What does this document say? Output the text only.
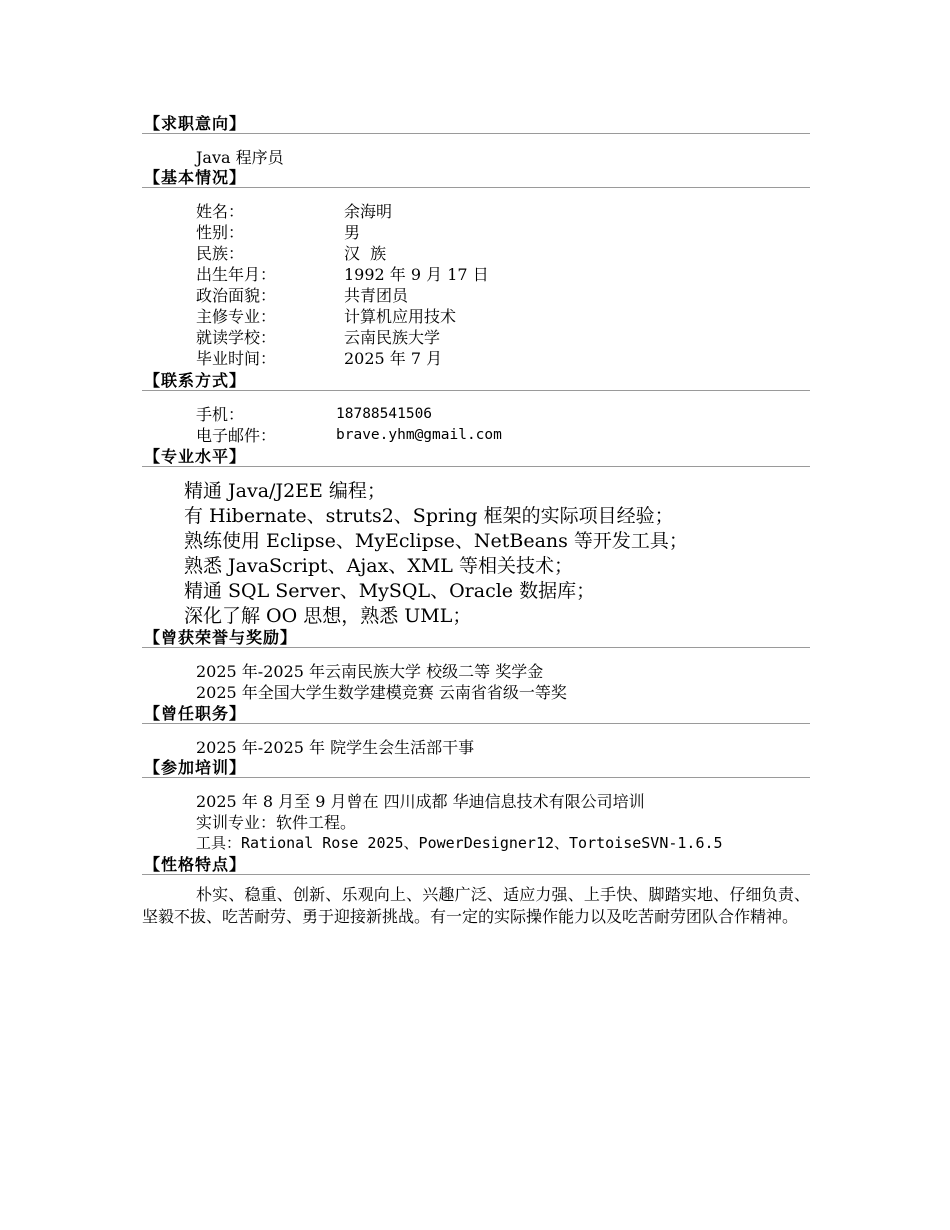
【求职意向】
Java 程序员
【基本情况】
姓名：	余海明
性别：	男
民族：	汉  族
出生年月：	1992 年 9 月 17 日
政治面貌：	共青团员
主修专业：	计算机应用技术
就读学校：	云南民族大学
毕业时间：	2025 年 7 月
【联系方式】
手机：	18788541506
电子邮件：	brave.yhm@gmail.com
【专业水平】
精通 Java/J2EE 编程；
有 Hibernate、struts2、Spring 框架的实际项目经验；
熟练使用 Eclipse、MyEclipse、NetBeans 等开发工具；
熟悉 JavaScript、Ajax、XML 等相关技术；
精通 SQL Server、MySQL、Oracle 数据库；
深化了解 OO 思想，熟悉 UML；
【曾获荣誉与奖励】
2025 年-2025 年云南民族大学 校级二等 奖学金
2025 年全国大学生数学建模竞赛 云南省省级一等奖
【曾任职务】
2025 年-2025 年 院学生会生活部干事
【参加培训】
2025 年 8 月至 9 月曾在 四川成都 华迪信息技术有限公司培训
实训专业：软件工程。
工具：Rational Rose 2025、PowerDesigner12、TortoiseSVN-1.6.5
【性格特点】
朴实、稳重、创新、乐观向上、兴趣广泛、适应力强、上手快、脚踏实地、仔细负责、坚毅不拔、吃苦耐劳、勇于迎接新挑战。有一定的实际操作能力以及吃苦耐劳团队合作精神。
